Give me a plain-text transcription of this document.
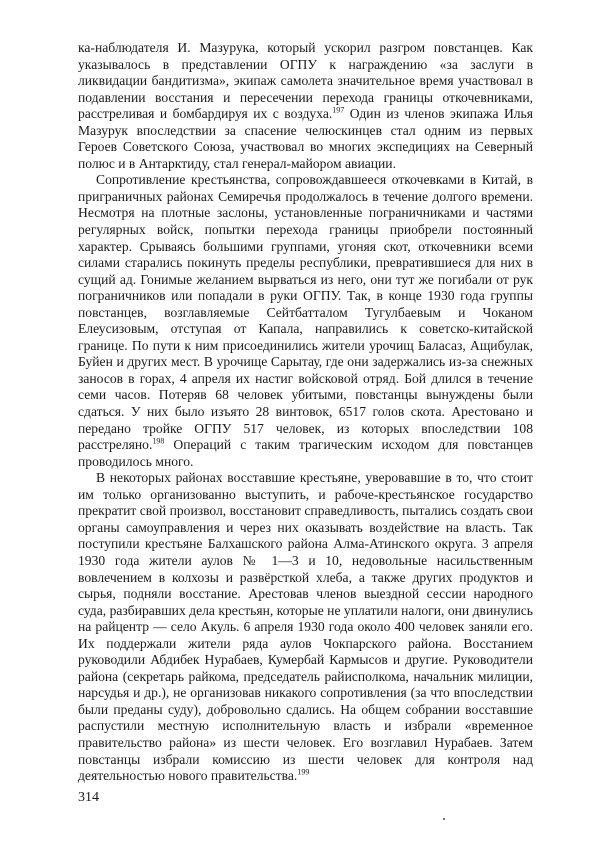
ка-наблюдателя И. Мазурука, который ускорил разгром повстанцев. Как указывалось в представлении ОГПУ к награждению «за заслуги в ликвидации бандитизма», экипаж самолета значительное время участвовал в подавлении восстания и пересечении перехода границы откочевниками, расстреливая и бомбардируя их с воздуха.$^{197}$ Один из членов экипажа Илья Мазурук впоследствии за спасение челюскинцев стал одним из первых Героев Советского Союза, участвовал во многих экспедициях на Северный полюс и в Антарктиду, стал генерал-майором авиации.

Сопротивление крестьянства, сопровождавшееся откочевками в Китай, в приграничных районах Семиречья продолжалось в течение долгого времени. Несмотря на плотные заслоны, установленные пограничниками и частями регулярных войск, попытки перехода границы приобрели постоянный характер. Срываясь большими группами, угоняя скот, откочевники всеми силами старались покинуть пределы республики, превратившиеся для них в сущий ад. Гонимые желанием вырваться из него, они тут же погибали от рук пограничников или попадали в руки ОГПУ. Так, в конце 1930 года группы повстанцев, возглавляемые Сейтбатталом Тугулбаевым и Чоканом Елеусизовым, отступая от Капала, направились к советско-китайской границе. По пути к ним присоединились жители урочищ Баласаз, Ащибулак, Буйен и других мест. В урочище Сарытау, где они задержались из-за снежных заносов в горах, 4 апреля их настиг войсковой отряд. Бой длился в течение семи часов. Потеряв 68 человек убитыми, повстанцы вынуждены были сдаться. У них было изъято 28 винтовок, 6517 голов скота. Арестовано и передано тройке ОГПУ 517 человек, из которых впоследствии 108 расстреляно.$^{198}$ Операций с таким трагическим исходом для повстанцев проводилось много.

В некоторых районах восставшие крестьяне, уверовавшие в то, что стоит им только организованно выступить, и рабоче-крестьянское государство прекратит свой произвол, восстановит справедливость, пытались создать свои органы самоуправления и через них оказывать воздействие на власть. Так поступили крестьяне Балхашского района Алма-Атинского округа. 3 апреля 1930 года жители аулов № 1—3 и 10, недовольные насильственным вовлечением в колхозы и развёрсткой хлеба, а также других продуктов и сырья, подняли восстание. Арестовав членов выездной сессии народного суда, разбиравших дела крестьян, которые не уплатили налоги, они двинулись на райцентр — село Акуль. 6 апреля 1930 года около 400 человек заняли его. Их поддержали жители ряда аулов Чокпарского района. Восстанием руководили Абдибек Нурабаев, Кумербай Кармысов и другие. Руководители района (секретарь райкома, председатель райисполкома, начальник милиции, нарсудья и др.), не организовав никакого сопротивления (за что впоследствии были преданы суду), добровольно сдались. На общем собрании восставшие распустили местную исполнительную власть и избрали «временное правительство района» из шести человек. Его возглавил Нурабаев. Затем повстанцы избрали комиссию из шести человек для контроля над деятельностью нового правительства.$^{199}$

314
